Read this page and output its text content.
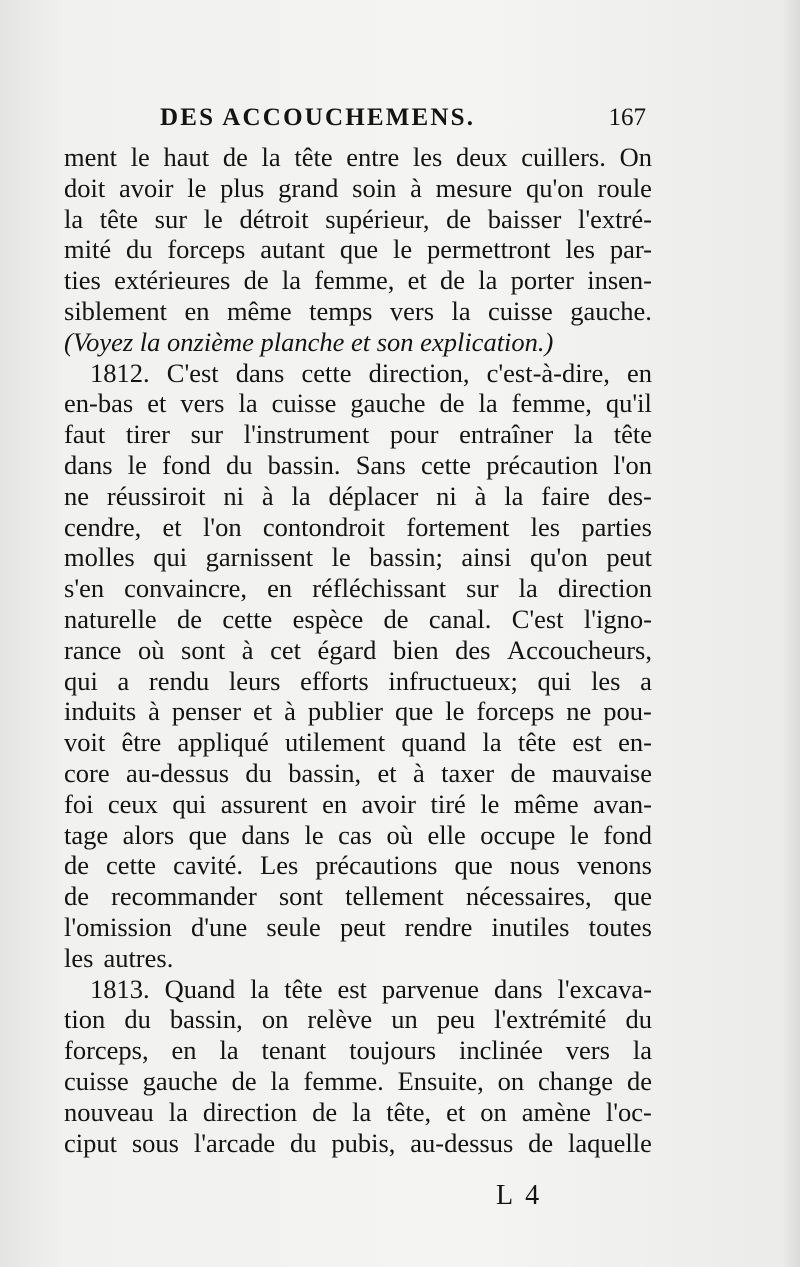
DES ACCOUCHEMENS.	167
ment le haut de la tête entre les deux cuillers. On
doit avoir le plus grand soin à mesure qu'on roule
la tête sur le détroit supérieur, de baisser l'extré-
mité du forceps autant que le permettront les par-
ties extérieures de la femme, et de la porter insen-
siblement en même temps vers la cuisse gauche.
(Voyez la onzième planche et son explication.)
1812. C'est dans cette direction, c'est-à-dire, en
en-bas et vers la cuisse gauche de la femme, qu'il
faut tirer sur l'instrument pour entraîner la tête
dans le fond du bassin. Sans cette précaution l'on
ne réussiroit ni à la déplacer ni à la faire des-
cendre, et l'on contondroit fortement les parties
molles qui garnissent le bassin; ainsi qu'on peut
s'en convaincre, en réfléchissant sur la direction
naturelle de cette espèce de canal. C'est l'igno-
rance où sont à cet égard bien des Accoucheurs,
qui a rendu leurs efforts infructueux; qui les a
induits à penser et à publier que le forceps ne pou-
voit être appliqué utilement quand la tête est en-
core au-dessus du bassin, et à taxer de mauvaise
foi ceux qui assurent en avoir tiré le même avan-
tage alors que dans le cas où elle occupe le fond
de cette cavité. Les précautions que nous venons
de recommander sont tellement nécessaires, que
l'omission d'une seule peut rendre inutiles toutes
les autres.
1813. Quand la tête est parvenue dans l'excava-
tion du bassin, on relève un peu l'extrémité du
forceps, en la tenant toujours inclinée vers la
cuisse gauche de la femme. Ensuite, on change de
nouveau la direction de la tête, et on amène l'oc-
ciput sous l'arcade du pubis, au-dessus de laquelle
L 4
